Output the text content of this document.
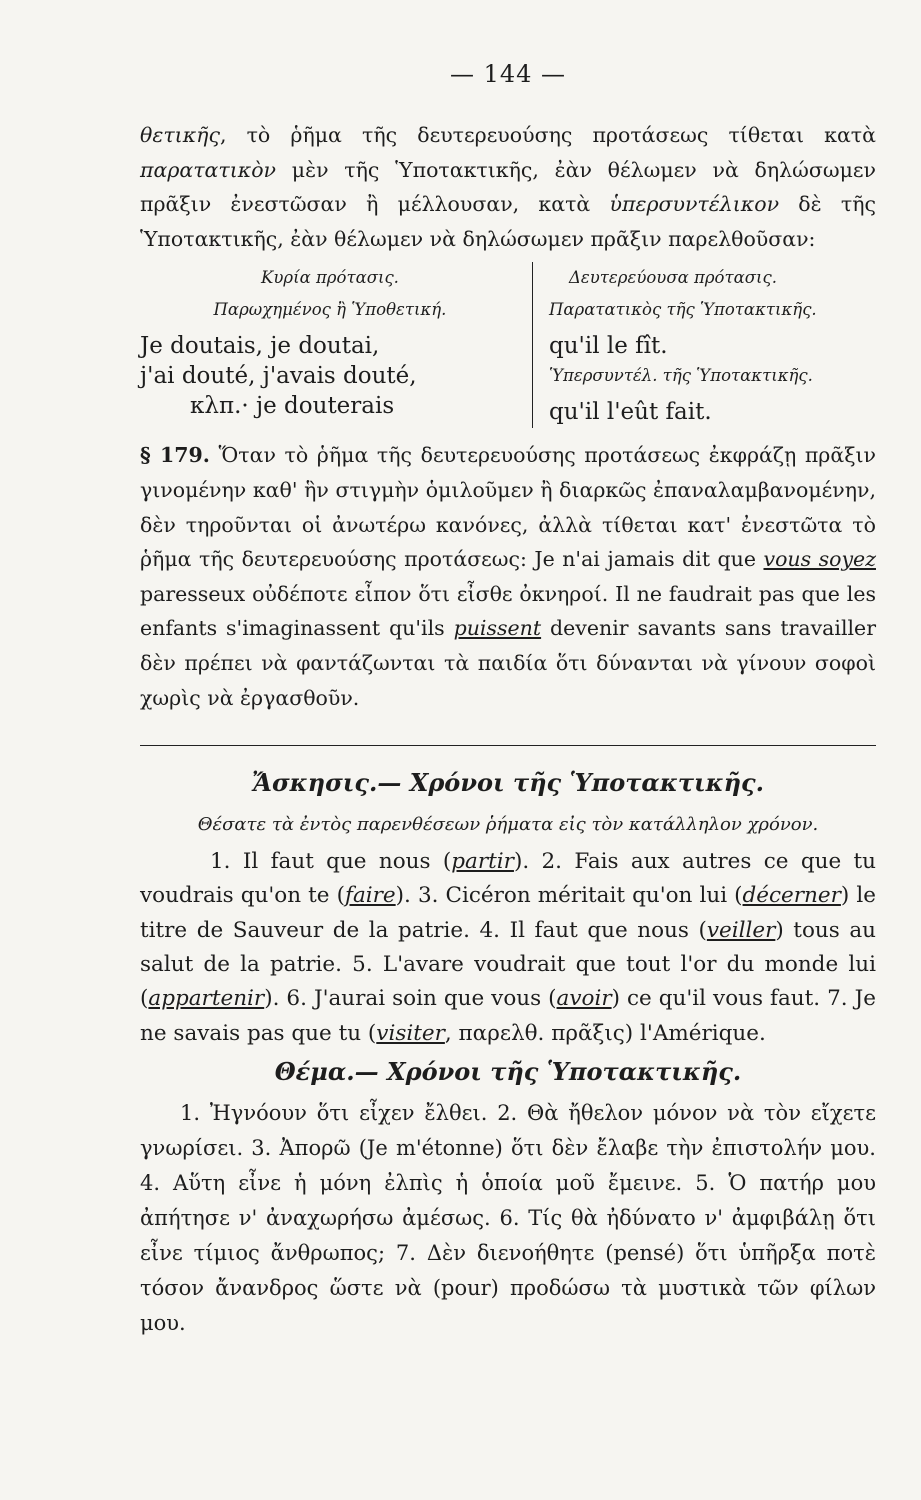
— 144 —

θετικῆς, τὸ ῥῆμα τῆς δευτερευούσης προτάσεως τίθεται κατὰ παρατατικὸν μὲν τῆς Ὑποτακτικῆς, ἐὰν θέλωμεν νὰ δηλώσωμεν πρᾶξιν ἐνεστῶσαν ἢ μέλλουσαν, κατὰ ὑπερσυντέλικον δὲ τῆς Ὑποτακτικῆς, ἐὰν θέλωμεν νὰ δηλώσωμεν πρᾶξιν παρελθοῦσαν:

Κυρία πρότασις.
Παρωχημένος ἢ Ὑποθετική.
Je doutais, je doutai,
j'ai douté, j'avais douté,
κλπ.· je douterais
Δευτερεύουσα πρότασις.
Παρατατικὸς τῆς Ὑποτακτικῆς.
qu'il le fît.
Ὑπερσυντέλ. τῆς Ὑποτακτικῆς.
qu'il l'eût fait.

§ 179. Ὅταν τὸ ῥῆμα τῆς δευτερευούσης προτάσεως ἐκφράζῃ πρᾶξιν γινομένην καθ' ἣν στιγμὴν ὁμιλοῦμεν ἢ διαρκῶς ἐπαναλαμβανομένην, δὲν τηροῦνται οἱ ἀνωτέρω κανόνες, ἀλλὰ τίθεται κατ' ἐνεστῶτα τὸ ῥῆμα τῆς δευτερευούσης προτάσεως: Je n'ai jamais dit que vous soyez paresseux οὐδέποτε εἶπον ὅτι εἶσθε ὀκνηροί. Il ne faudrait pas que les enfants s'imaginassent qu'ils puissent devenir savants sans travailler δὲν πρέπει νὰ φαντάζωνται τὰ παιδία ὅτι δύνανται νὰ γίνουν σοφοὶ χωρὶς νὰ ἐργασθοῦν.

Ἄσκησις.— Χρόνοι τῆς Ὑποτακτικῆς.

Θέσατε τὰ ἐντὸς παρενθέσεων ῥήματα εἰς τὸν κατάλληλον χρόνον.

1. Il faut que nous (partir). 2. Fais aux autres ce que tu voudrais qu'on te (faire). 3. Cicéron méritait qu'on lui (décerner) le titre de Sauveur de la patrie. 4. Il faut que nous (veiller) tous au salut de la patrie. 5. L'avare voudrait que tout l'or du monde lui (appartenir). 6. J'aurai soin que vous (avoir) ce qu'il vous faut. 7. Je ne savais pas que tu (visiter, παρελθ. πρᾶξις) l'Amérique.

Θέμα.— Χρόνοι τῆς Ὑποτακτικῆς.

1. Ἠγνόουν ὅτι εἶχεν ἔλθει. 2. Θὰ ἤθελον μόνον νὰ τὸν εἴχετε γνωρίσει. 3. Ἀπορῶ (Je m'étonne) ὅτι δὲν ἔλαβε τὴν ἐπιστολήν μου. 4. Αὕτη εἶνε ἡ μόνη ἐλπὶς ἡ ὁποία μοῦ ἔμεινε. 5. Ὁ πατήρ μου ἀπήτησε ν' ἀναχωρήσω ἀμέσως. 6. Τίς θὰ ἠδύνατο ν' ἀμφιβάλῃ ὅτι εἶνε τίμιος ἄνθρωπος; 7. Δὲν διενοήθητε (pensé) ὅτι ὑπῆρξα ποτὲ τόσον ἄνανδρος ὥστε νὰ (pour) προδώσω τὰ μυστικὰ τῶν φίλων μου.
